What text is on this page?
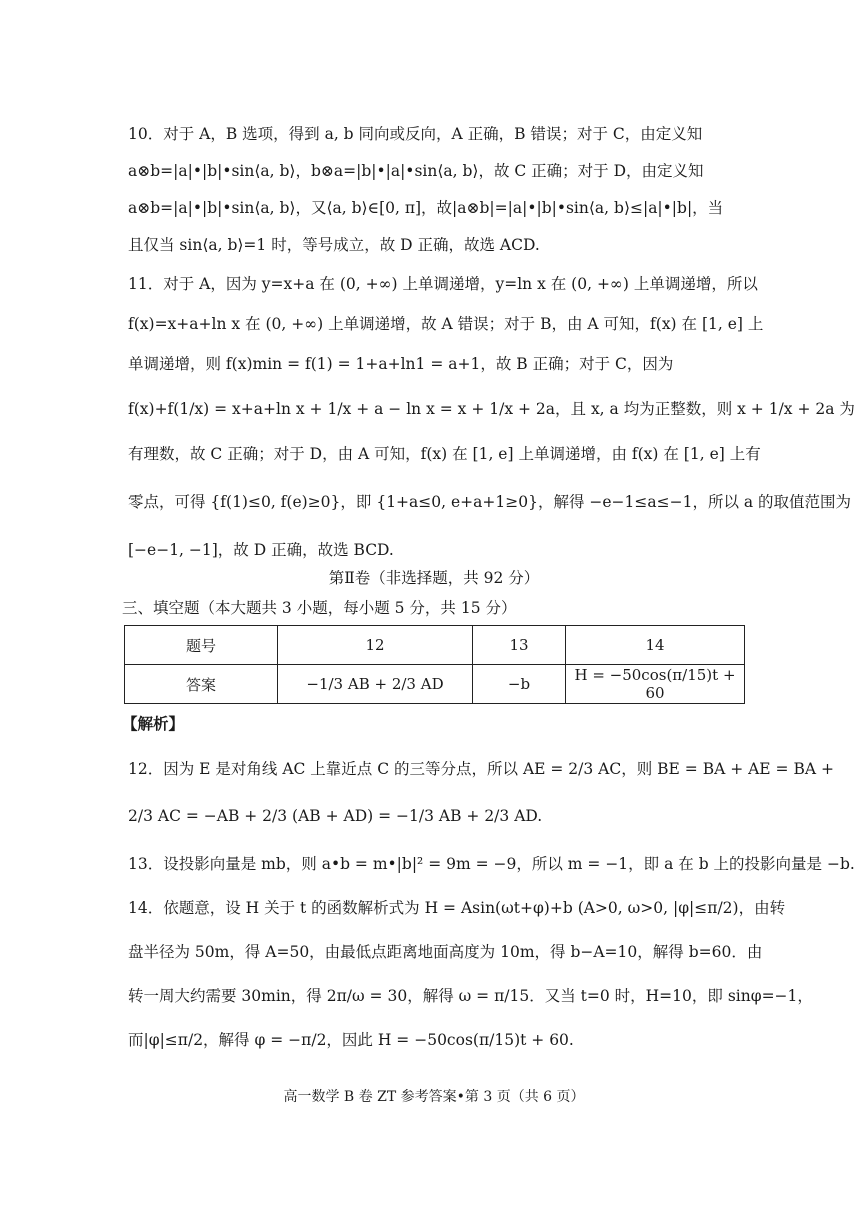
10．对于 A，B 选项，得到 a, b 同向或反向，A 正确，B 错误；对于 C，由定义知
a⊗b=|a|•|b|•sin⟨a, b⟩，b⊗a=|b|•|a|•sin⟨a, b⟩，故 C 正确；对于 D，由定义知
a⊗b=|a|•|b|•sin⟨a, b⟩，又⟨a, b⟩∈[0, π]，故|a⊗b|=|a|•|b|•sin⟨a, b⟩≤|a|•|b|，当
且仅当 sin⟨a, b⟩=1 时，等号成立，故 D 正确，故选 ACD.
11．对于 A，因为 y=x+a 在 (0, +∞) 上单调递增，y=ln x 在 (0, +∞) 上单调递增，所以
f(x)=x+a+ln x 在 (0, +∞) 上单调递增，故 A 错误；对于 B，由 A 可知，f(x) 在 [1, e] 上
单调递增，则 f(x)min = f(1) = 1+a+ln1 = a+1，故 B 正确；对于 C，因为
f(x)+f(1/x) = x+a+ln x + 1/x + a − ln x = x + 1/x + 2a，且 x, a 均为正整数，则 x + 1/x + 2a 为
有理数，故 C 正确；对于 D，由 A 可知，f(x) 在 [1, e] 上单调递增，由 f(x) 在 [1, e] 上有
零点，可得 {f(1)≤0, f(e)≥0}，即 {1+a≤0, e+a+1≥0}，解得 −e−1≤a≤−1，所以 a 的取值范围为
[−e−1, −1]，故 D 正确，故选 BCD.
第Ⅱ卷（非选择题，共 92 分）
三、填空题（本大题共 3 小题，每小题 5 分，共 15 分）
题号	12	13	14
答案	−1/3 AB + 2/3 AD	−b	H = −50cos(π/15)t + 60
【解析】
12．因为 E 是对角线 AC 上靠近点 C 的三等分点，所以 AE = 2/3 AC，则 BE = BA + AE = BA +
2/3 AC = −AB + 2/3 (AB + AD) = −1/3 AB + 2/3 AD.
13．设投影向量是 mb，则 a•b = m•|b|² = 9m = −9，所以 m = −1，即 a 在 b 上的投影向量是 −b.
14．依题意，设 H 关于 t 的函数解析式为 H = Asin(ωt+φ)+b (A>0, ω>0, |φ|≤π/2)，由转
盘半径为 50m，得 A=50，由最低点距离地面高度为 10m，得 b−A=10，解得 b=60．由
转一周大约需要 30min，得 2π/ω = 30，解得 ω = π/15．又当 t=0 时，H=10，即 sinφ=−1，
而|φ|≤π/2，解得 φ = −π/2，因此 H = −50cos(π/15)t + 60.
高一数学 B 卷 ZT 参考答案•第 3 页（共 6 页）
